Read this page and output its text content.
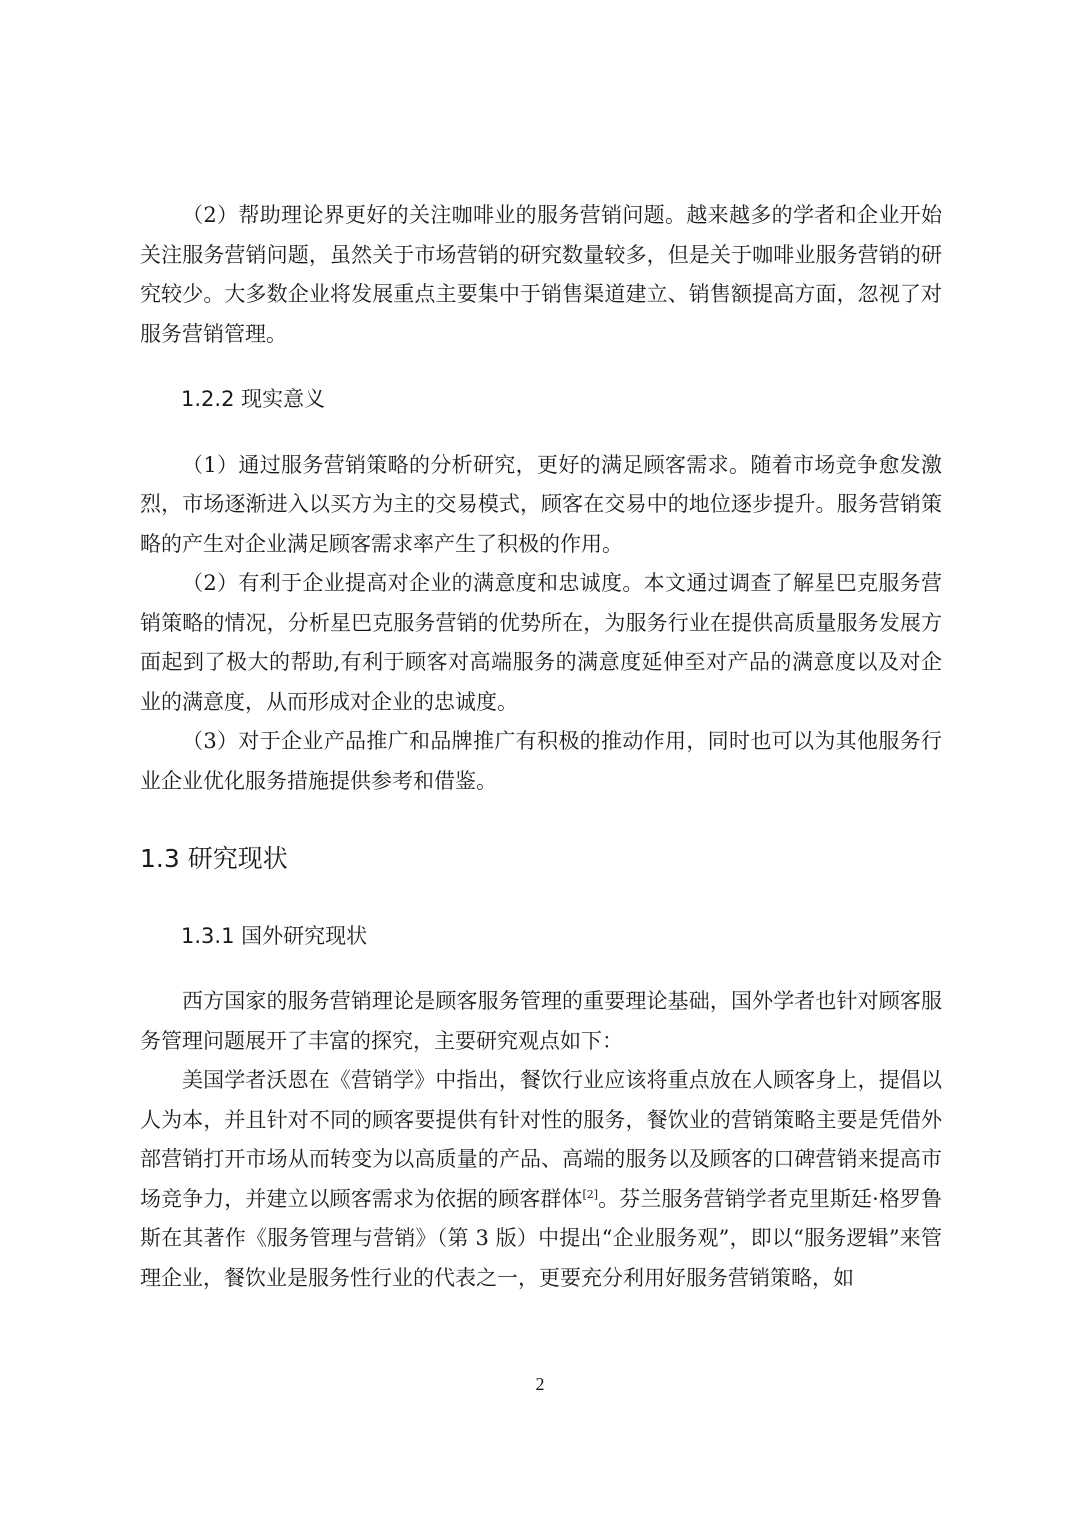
（2）帮助理论界更好的关注咖啡业的服务营销问题。越来越多的学者和企业开始关注服务营销问题，虽然关于市场营销的研究数量较多，但是关于咖啡业服务营销的研究较少。大多数企业将发展重点主要集中于销售渠道建立、销售额提高方面，忽视了对服务营销管理。

1.2.2 现实意义

（1）通过服务营销策略的分析研究，更好的满足顾客需求。随着市场竞争愈发激烈，市场逐渐进入以买方为主的交易模式，顾客在交易中的地位逐步提升。服务营销策略的产生对企业满足顾客需求率产生了积极的作用。

（2）有利于企业提高对企业的满意度和忠诚度。本文通过调查了解星巴克服务营销策略的情况，分析星巴克服务营销的优势所在，为服务行业在提供高质量服务发展方面起到了极大的帮助,有利于顾客对高端服务的满意度延伸至对产品的满意度以及对企业的满意度，从而形成对企业的忠诚度。

（3）对于企业产品推广和品牌推广有积极的推动作用，同时也可以为其他服务行业企业优化服务措施提供参考和借鉴。

1.3 研究现状

1.3.1 国外研究现状

西方国家的服务营销理论是顾客服务管理的重要理论基础，国外学者也针对顾客服务管理问题展开了丰富的探究，主要研究观点如下：

美国学者沃恩在《营销学》中指出，餐饮行业应该将重点放在人顾客身上，提倡以人为本，并且针对不同的顾客要提供有针对性的服务，餐饮业的营销策略主要是凭借外部营销打开市场从而转变为以高质量的产品、高端的服务以及顾客的口碑营销来提高市场竞争力，并建立以顾客需求为依据的顾客群体[2]。芬兰服务营销学者克里斯廷·格罗鲁斯在其著作《服务管理与营销》（第 3 版）中提出“企业服务观”，即以“服务逻辑”来管理企业，餐饮业是服务性行业的代表之一，更要充分利用好服务营销策略，如

2
